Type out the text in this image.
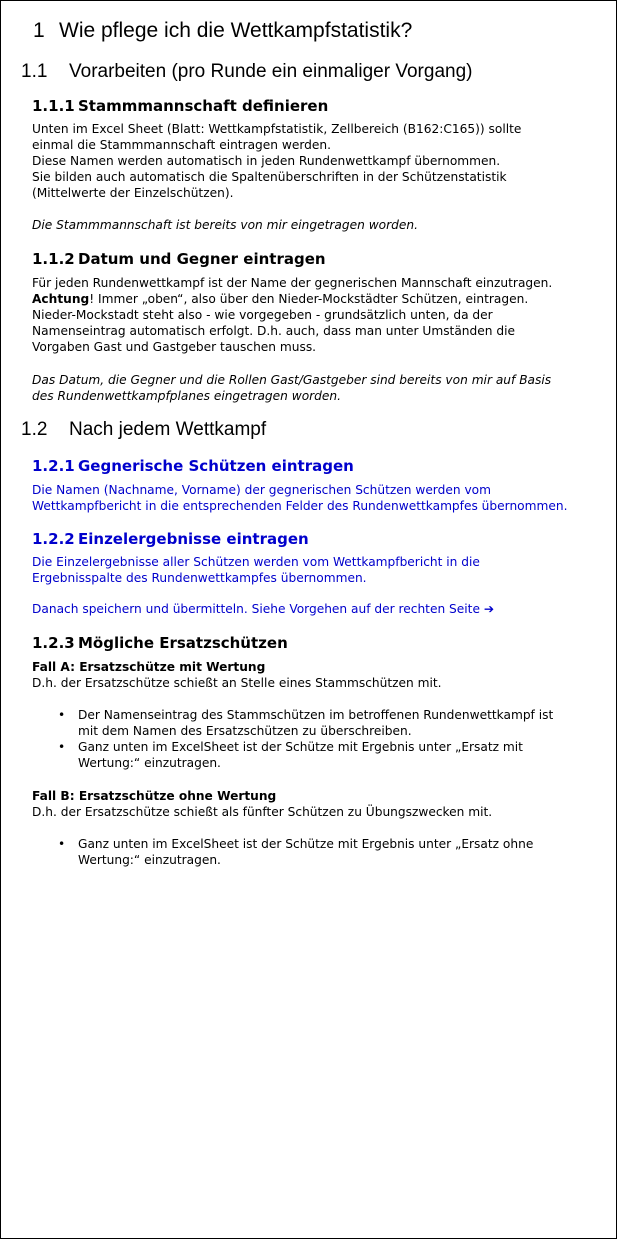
1 Wie pflege ich die Wettkampfstatistik?
1.1 Vorarbeiten (pro Runde ein einmaliger Vorgang)
1.1.1 Stammmannschaft definieren
Unten im Excel Sheet (Blatt: Wettkampfstatistik, Zellbereich (B162:C165)) sollte
einmal die Stammmannschaft eintragen werden.
Diese Namen werden automatisch in jeden Rundenwettkampf übernommen.
Sie bilden auch automatisch die Spaltenüberschriften in der Schützenstatistik
(Mittelwerte der Einzelschützen).
Die Stammmannschaft ist bereits von mir eingetragen worden.
1.1.2 Datum und Gegner eintragen
Für jeden Rundenwettkampf ist der Name der gegnerischen Mannschaft einzutragen.
Achtung! Immer „oben“, also über den Nieder-Mockstädter Schützen, eintragen.
Nieder-Mockstadt steht also - wie vorgegeben - grundsätzlich unten, da der
Namenseintrag automatisch erfolgt. D.h. auch, dass man unter Umständen die
Vorgaben Gast und Gastgeber tauschen muss.
Das Datum, die Gegner und die Rollen Gast/Gastgeber sind bereits von mir auf Basis
des Rundenwettkampfplanes eingetragen worden.
1.2 Nach jedem Wettkampf
1.2.1 Gegnerische Schützen eintragen
Die Namen (Nachname, Vorname) der gegnerischen Schützen werden vom
Wettkampfbericht in die entsprechenden Felder des Rundenwettkampfes übernommen.
1.2.2 Einzelergebnisse eintragen
Die Einzelergebnisse aller Schützen werden vom Wettkampfbericht in die
Ergebnisspalte des Rundenwettkampfes übernommen.
Danach speichern und übermitteln. Siehe Vorgehen auf der rechten Seite ➔
1.2.3 Mögliche Ersatzschützen
Fall A: Ersatzschütze mit Wertung
D.h. der Ersatzschütze schießt an Stelle eines Stammschützen mit.
• Der Namenseintrag des Stammschützen im betroffenen Rundenwettkampf ist
mit dem Namen des Ersatzschützen zu überschreiben.
• Ganz unten im ExcelSheet ist der Schütze mit Ergebnis unter „Ersatz mit
Wertung:“ einzutragen.
Fall B: Ersatzschütze ohne Wertung
D.h. der Ersatzschütze schießt als fünfter Schützen zu Übungszwecken mit.
• Ganz unten im ExcelSheet ist der Schütze mit Ergebnis unter „Ersatz ohne
Wertung:“ einzutragen.
